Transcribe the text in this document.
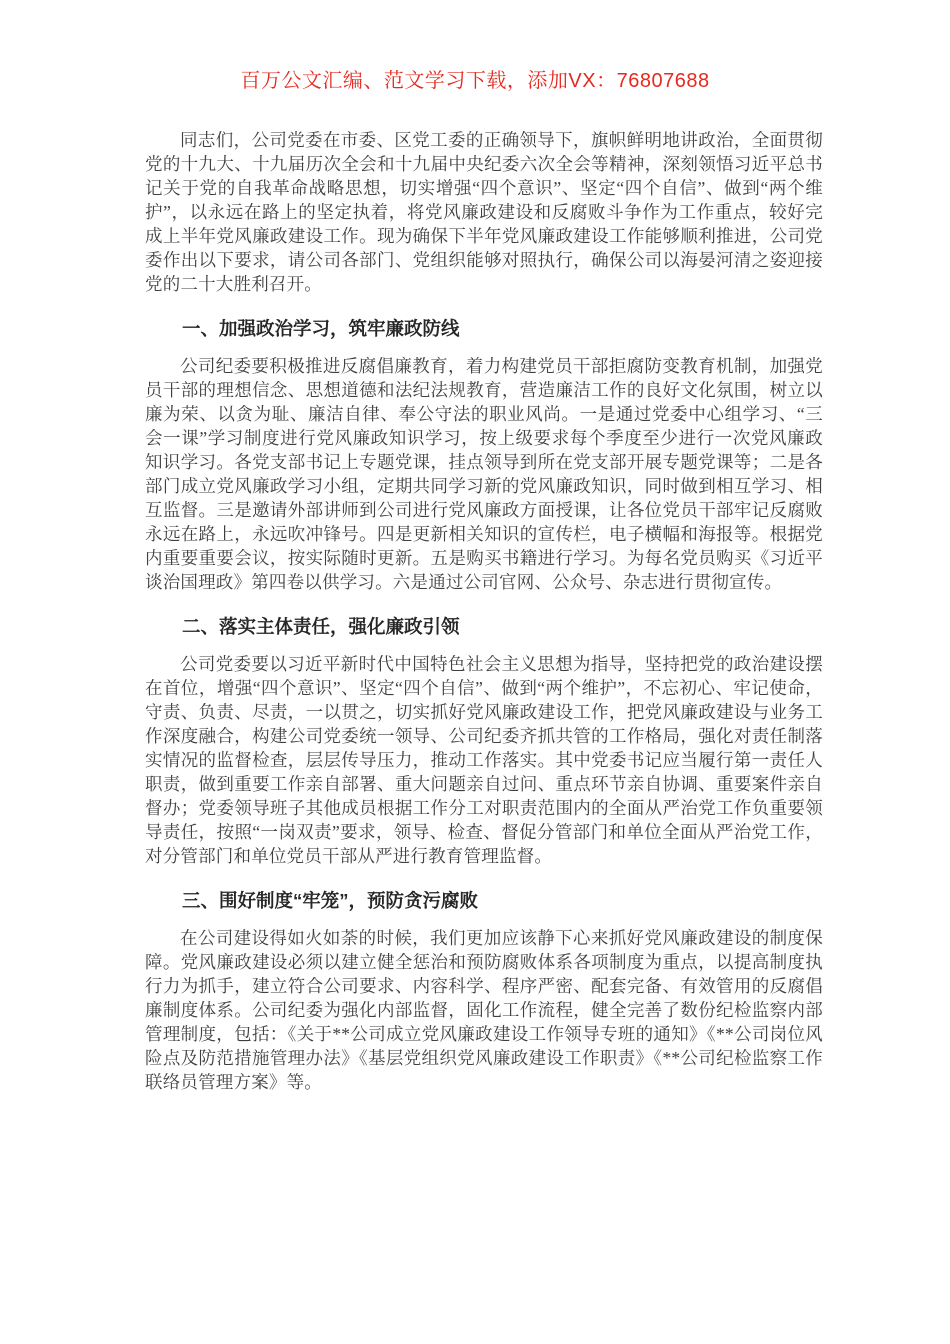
百万公文汇编、范文学习下载，添加VX：76807688

同志们，公司党委在市委、区党工委的正确领导下，旗帜鲜明地讲政治，全面贯彻党的十九大、十九届历次全会和十九届中央纪委六次全会等精神，深刻领悟习近平总书记关于党的自我革命战略思想，切实增强“四个意识”、坚定“四个自信”、做到“两个维护”，以永远在路上的坚定执着，将党风廉政建设和反腐败斗争作为工作重点，较好完成上半年党风廉政建设工作。现为确保下半年党风廉政建设工作能够顺利推进，公司党委作出以下要求，请公司各部门、党组织能够对照执行，确保公司以海晏河清之姿迎接党的二十大胜利召开。

一、加强政治学习，筑牢廉政防线

公司纪委要积极推进反腐倡廉教育，着力构建党员干部拒腐防变教育机制，加强党员干部的理想信念、思想道德和法纪法规教育，营造廉洁工作的良好文化氛围，树立以廉为荣、以贪为耻、廉洁自律、奉公守法的职业风尚。一是通过党委中心组学习、“三会一课”学习制度进行党风廉政知识学习，按上级要求每个季度至少进行一次党风廉政知识学习。各党支部书记上专题党课，挂点领导到所在党支部开展专题党课等；二是各部门成立党风廉政学习小组，定期共同学习新的党风廉政知识，同时做到相互学习、相互监督。三是邀请外部讲师到公司进行党风廉政方面授课，让各位党员干部牢记反腐败永远在路上，永远吹冲锋号。四是更新相关知识的宣传栏，电子横幅和海报等。根据党内重要重要会议，按实际随时更新。五是购买书籍进行学习。为每名党员购买《习近平谈治国理政》第四卷以供学习。六是通过公司官网、公众号、杂志进行贯彻宣传。

二、落实主体责任，强化廉政引领

公司党委要以习近平新时代中国特色社会主义思想为指导，坚持把党的政治建设摆在首位，增强“四个意识”、坚定“四个自信”、做到“两个维护”，不忘初心、牢记使命，守责、负责、尽责，一以贯之，切实抓好党风廉政建设工作，把党风廉政建设与业务工作深度融合，构建公司党委统一领导、公司纪委齐抓共管的工作格局，强化对责任制落实情况的监督检查，层层传导压力，推动工作落实。其中党委书记应当履行第一责任人职责，做到重要工作亲自部署、重大问题亲自过问、重点环节亲自协调、重要案件亲自督办；党委领导班子其他成员根据工作分工对职责范围内的全面从严治党工作负重要领导责任，按照“一岗双责”要求，领导、检查、督促分管部门和单位全面从严治党工作，对分管部门和单位党员干部从严进行教育管理监督。

三、围好制度“牢笼”，预防贪污腐败

在公司建设得如火如荼的时候，我们更加应该静下心来抓好党风廉政建设的制度保障。党风廉政建设必须以建立健全惩治和预防腐败体系各项制度为重点，以提高制度执行力为抓手，建立符合公司要求、内容科学、程序严密、配套完备、有效管用的反腐倡廉制度体系。公司纪委为强化内部监督，固化工作流程，健全完善了数份纪检监察内部管理制度，包括：《关于**公司成立党风廉政建设工作领导专班的通知》《**公司岗位风险点及防范措施管理办法》《基层党组织党风廉政建设工作职责》《**公司纪检监察工作联络员管理方案》等。
